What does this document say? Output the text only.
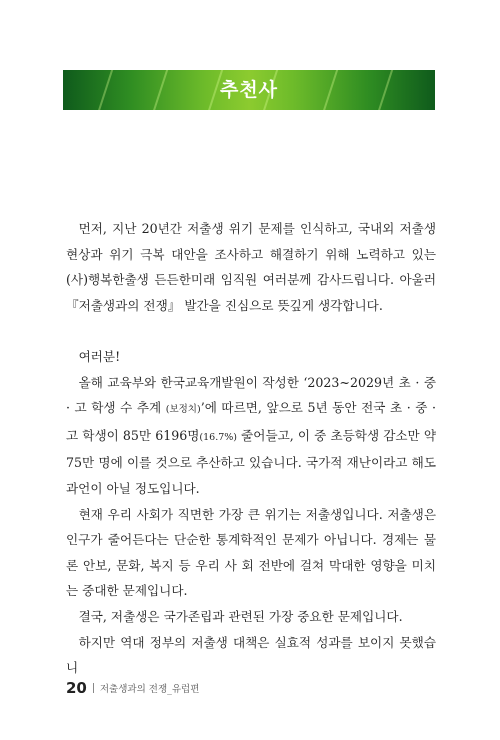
추천사

먼저, 지난 20년간 저출생 위기 문제를 인식하고, 국내외 저출생 현상과 위기 극복 대안을 조사하고 해결하기 위해 노력하고 있는 (사)행복한출생 든든한미래 임직원 여러분께 감사드립니다. 아울러 『저출생과의 전쟁』 발간을 진심으로 뜻깊게 생각합니다.

여러분!

올해 교육부와 한국교육개발원이 작성한 ‘2023~2029년 초 · 중 · 고 학생 수 추계 (보정치)’에 따르면, 앞으로 5년 동안 전국 초 · 중 · 고 학생이 85만 6196명(16.7%) 줄어들고, 이 중 초등학생 감소만 약 75만 명에 이를 것으로 추산하고 있습니다. 국가적 재난이라고 해도 과언이 아닐 정도입니다.

현재 우리 사회가 직면한 가장 큰 위기는 저출생입니다. 저출생은 인구가 줄어든다는 단순한 통계학적인 문제가 아닙니다. 경제는 물론 안보, 문화, 복지 등 우리 사 회 전반에 걸쳐 막대한 영향을 미치는 중대한 문제입니다.

결국, 저출생은 국가존립과 관련된 가장 중요한 문제입니다.

하지만 역대 정부의 저출생 대책은 실효적 성과를 보이지 못했습니

20 저출생과의 전쟁_유럽편
